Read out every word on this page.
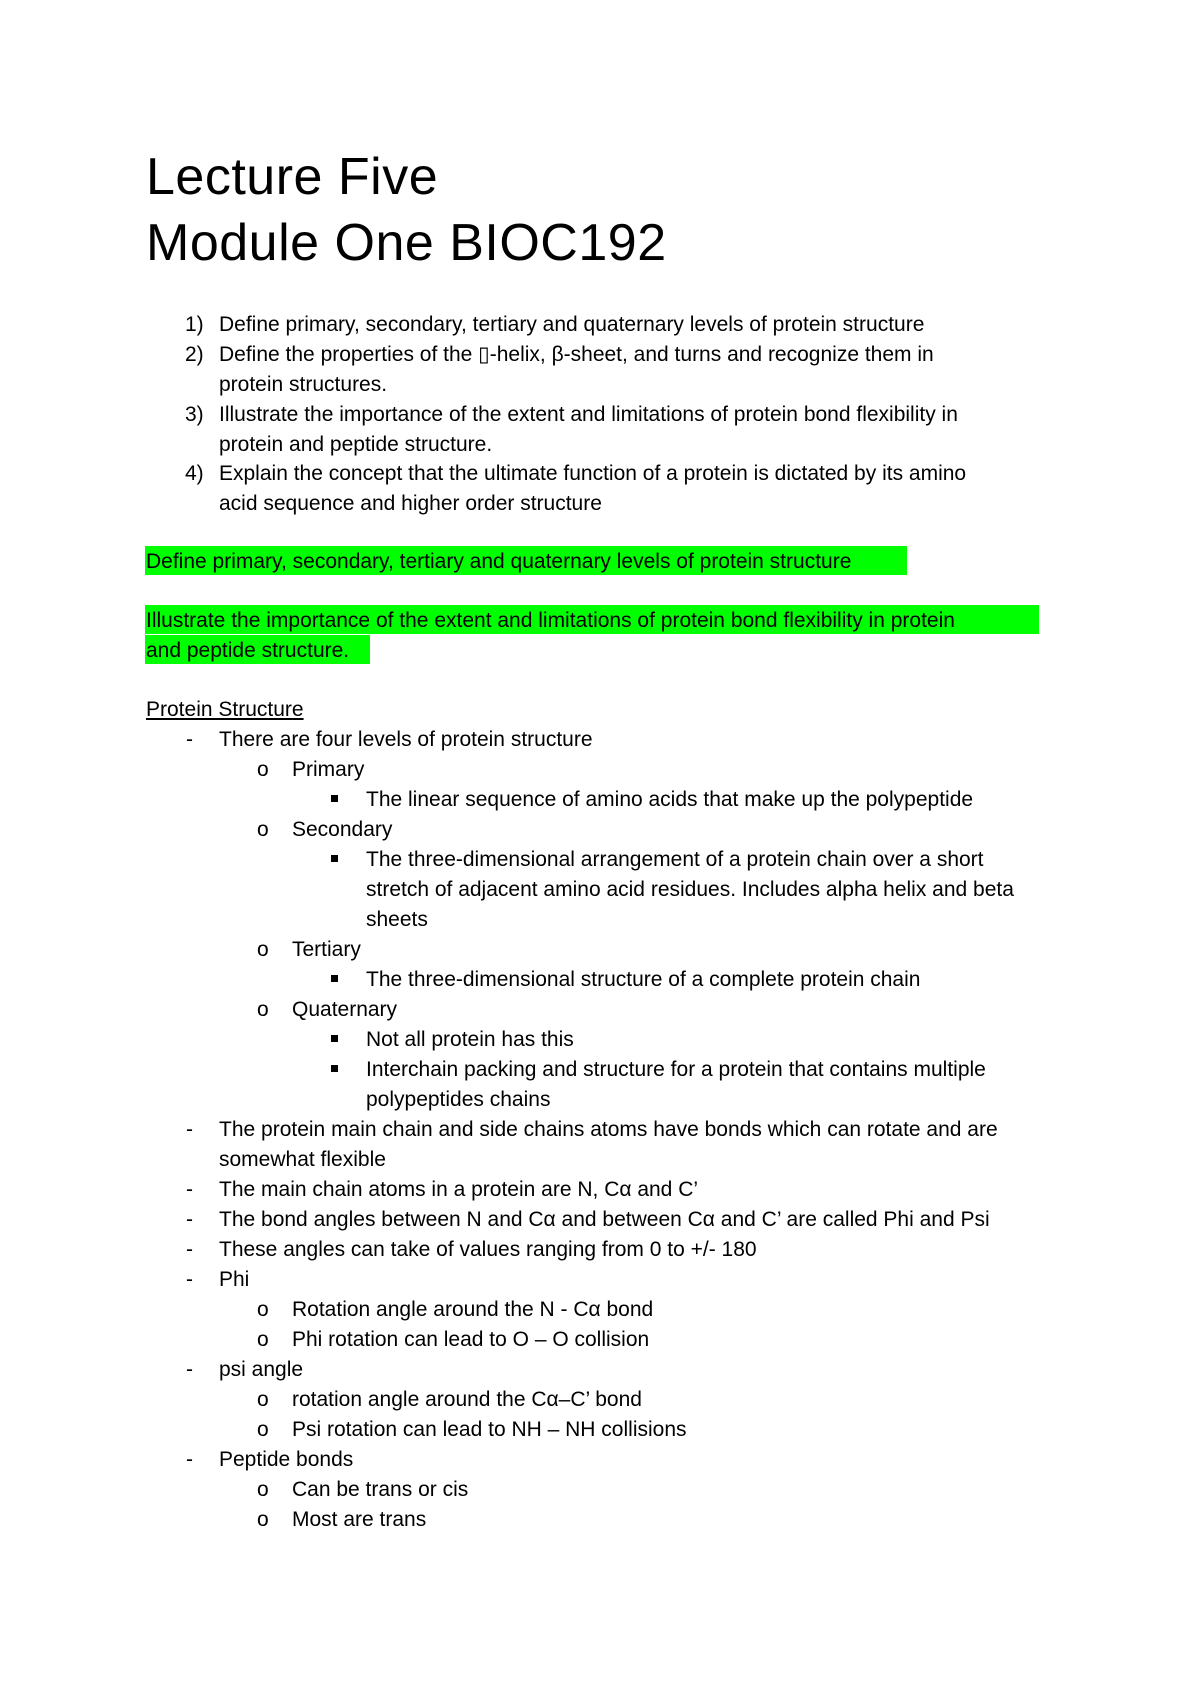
Lecture Five
Module One BIOC192
1) Define primary, secondary, tertiary and quaternary levels of protein structure
2) Define the properties of the ▯-helix, β-sheet, and turns and recognize them in
protein structures.
3) Illustrate the importance of the extent and limitations of protein bond flexibility in
protein and peptide structure.
4) Explain the concept that the ultimate function of a protein is dictated by its amino
acid sequence and higher order structure
Define primary, secondary, tertiary and quaternary levels of protein structure
Illustrate the importance of the extent and limitations of protein bond flexibility in protein
and peptide structure.
Protein Structure
- There are four levels of protein structure
o Primary
The linear sequence of amino acids that make up the polypeptide
o Secondary
The three-dimensional arrangement of a protein chain over a short
stretch of adjacent amino acid residues. Includes alpha helix and beta
sheets
o Tertiary
The three-dimensional structure of a complete protein chain
o Quaternary
Not all protein has this
Interchain packing and structure for a protein that contains multiple
polypeptides chains
- The protein main chain and side chains atoms have bonds which can rotate and are
somewhat flexible
- The main chain atoms in a protein are N, Cα and C’
- The bond angles between N and Cα and between Cα and C’ are called Phi and Psi
- These angles can take of values ranging from 0 to +/- 180
- Phi
o Rotation angle around the N - Cα bond
o Phi rotation can lead to O – O collision
- psi angle
o rotation angle around the Cα–C’ bond
o Psi rotation can lead to NH – NH collisions
- Peptide bonds
o Can be trans or cis
o Most are trans
